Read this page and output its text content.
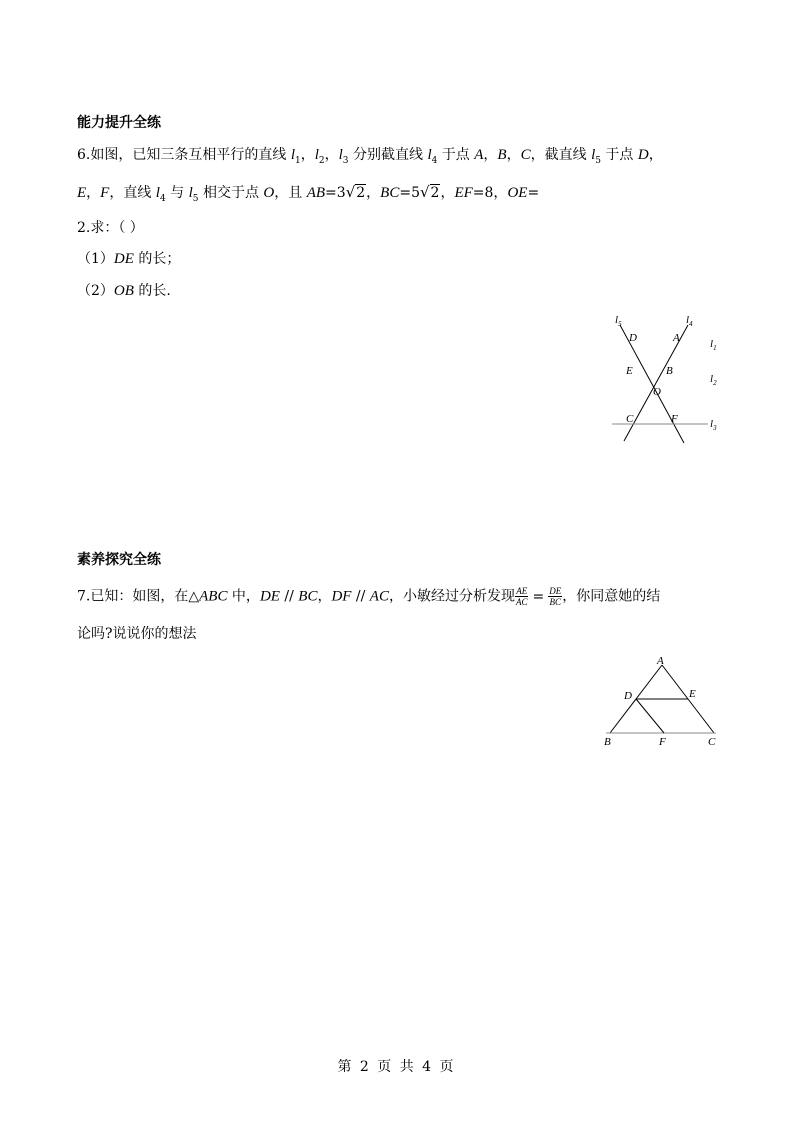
能力提升全练
6.如图，已知三条互相平行的直线 $l_1$，$l_2$，$l_3$ 分别截直线 $l_4$ 于点 A，B，C，截直线 $l_5$ 于点 D，
E，F，直线 $l_4$ 与 $l_5$ 相交于点 O，且 AB=3√2，BC=5√2，EF=8，OE=
2.求：（ ）
（1）DE 的长；
（2）OB 的长.
$l_5$	$l_4$
$l_1$
$l_2$
$l_3$
D	A
E	B
O
C	F
素养探究全练
7.已知：如图，在△ABC 中，DE // BC，DF // AC，小敏经过分析发现 $\frac{AE}{AC} = \frac{DE}{BC}$ ，你同意她的结
论吗?说说你的想法
A
D	E
B	F	C
第 2 页 共 4 页
